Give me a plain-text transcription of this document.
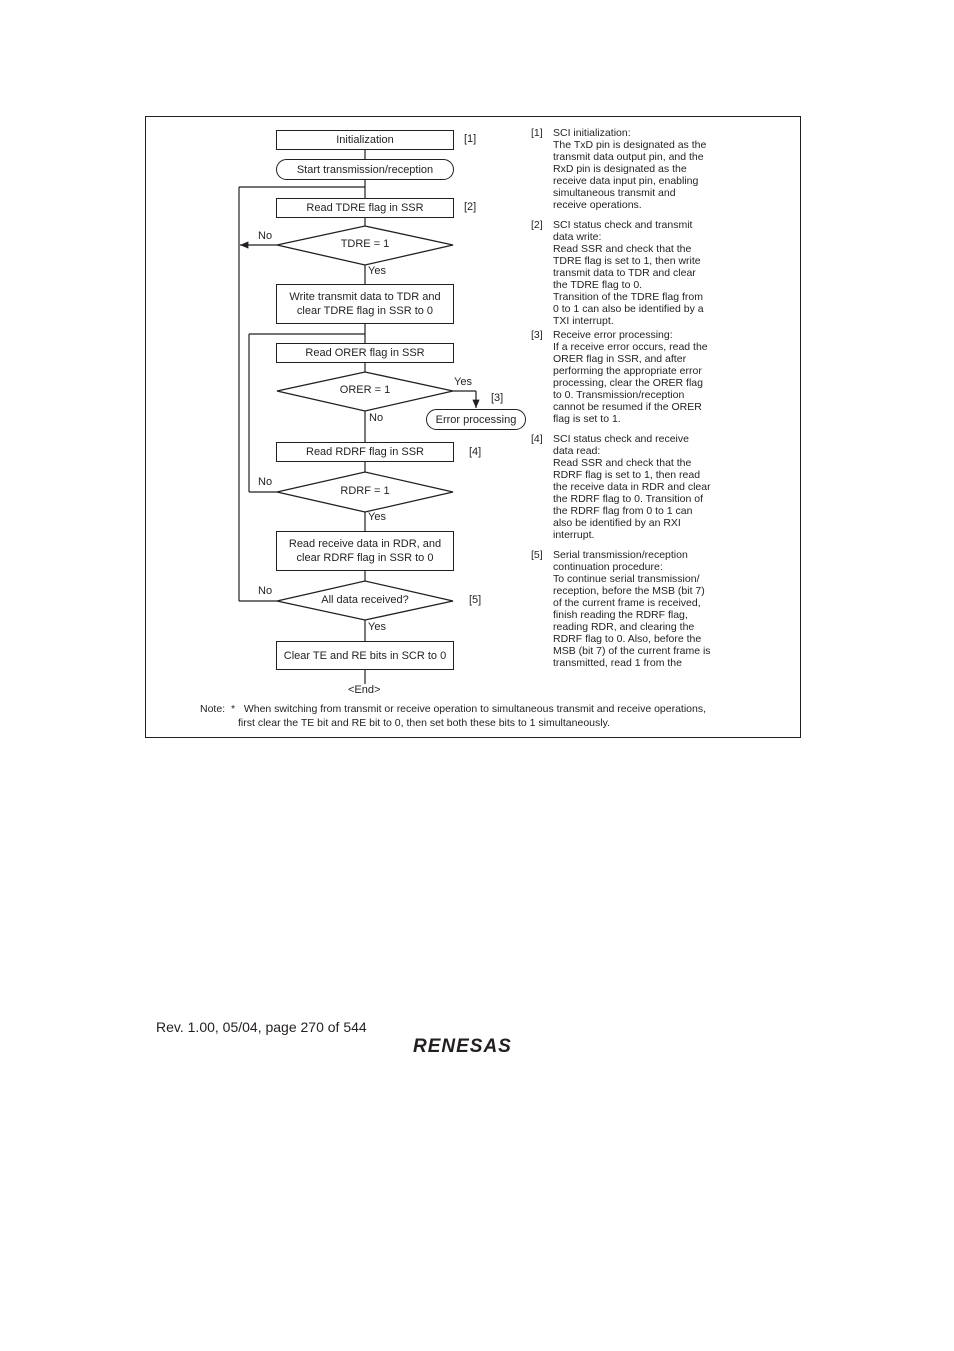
Initialization
Start transmission/reception
Read TDRE flag in SSR
TDRE = 1
Write transmit data to TDR and
clear TDRE flag in SSR to 0
Read ORER flag in SSR
ORER = 1
Error processing
Read RDRF flag in SSR
RDRF = 1
Read receive data in RDR, and
clear RDRF flag in SSR to 0
All data received?
Clear TE and RE bits in SCR to 0
<End>
No
Yes
Yes
No
No
Yes
No
Yes
[1]
[2]
[3]
[4]
[5]
[1] SCI initialization:
The TxD pin is designated as the
transmit data output pin, and the
RxD pin is designated as the
receive data input pin, enabling
simultaneous transmit and
receive operations.
[2] SCI status check and transmit
data write:
Read SSR and check that the
TDRE flag is set to 1, then write
transmit data to TDR and clear
the TDRE flag to 0.
Transition of the TDRE flag from
0 to 1 can also be identified by a
TXI interrupt.
[3] Receive error processing:
If a receive error occurs, read the
ORER flag in SSR, and after
performing the appropriate error
processing, clear the ORER flag
to 0. Transmission/reception
cannot be resumed if the ORER
flag is set to 1.
[4] SCI status check and receive
data read:
Read SSR and check that the
RDRF flag is set to 1, then read
the receive data in RDR and clear
the RDRF flag to 0. Transition of
the RDRF flag from 0 to 1 can
also be identified by an RXI
interrupt.
[5] Serial transmission/reception
continuation procedure:
To continue serial transmission/
reception, before the MSB (bit 7)
of the current frame is received,
finish reading the RDRF flag,
reading RDR, and clearing the
RDRF flag to 0. Also, before the
MSB (bit 7) of the current frame is
transmitted, read 1 from the
Note: * When switching from transmit or receive operation to simultaneous transmit and receive operations,
first clear the TE bit and RE bit to 0, then set both these bits to 1 simultaneously.
Rev. 1.00, 05/04, page 270 of 544
RENESAS
